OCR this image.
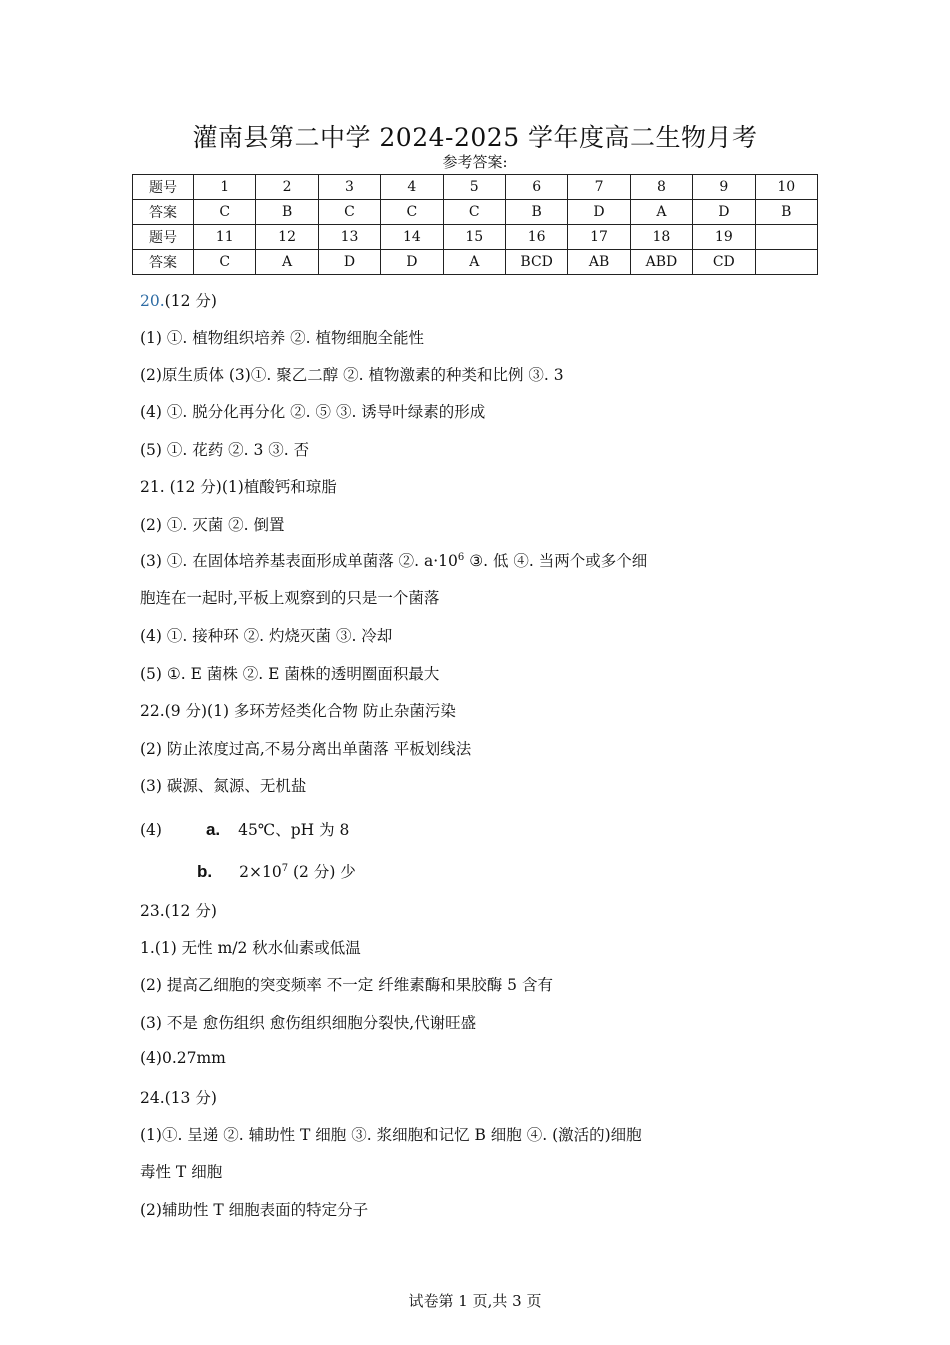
灌南县第二中学 2024-2025 学年度高二生物月考
参考答案:
题号	1	2	3	4	5	6	7	8	9	10
答案	C	B	C	C	C	B	D	A	D	B
题号	11	12	13	14	15	16	17	18	19	
答案	C	A	D	D	A	BCD	AB	ABD	CD	
20.(12 分)
(1) ①. 植物组织培养 ②. 植物细胞全能性
(2)原生质体 (3)①. 聚乙二醇 ②. 植物激素的种类和比例 ③. 3
(4) ①. 脱分化再分化 ②. ⑤ ③. 诱导叶绿素的形成
(5) ①. 花药 ②. 3 ③. 否
21. (12 分)(1)植酸钙和琼脂
(2) ①. 灭菌 ②. 倒置
(3) ①. 在固体培养基表面形成单菌落 ②. $a\cdot 10^6$ ③. 低 ④. 当两个或多个细
胞连在一起时,平板上观察到的只是一个菌落
(4) ①. 接种环 ②. 灼烧灭菌 ③. 冷却
(5) ①. E 菌株 ②. E 菌株的透明圈面积最大
22.(9 分)(1) 多环芳烃类化合物 防止杂菌污染
(2) 防止浓度过高,不易分离出单菌落 平板划线法
(3) 碳源、氮源、无机盐
(4)	a. 45℃、pH 为 8
b. $2\times 10^7$ (2 分) 少
23.(12 分)
1.(1) 无性 m/2 秋水仙素或低温
(2) 提高乙细胞的突变频率 不一定 纤维素酶和果胶酶 5 含有
(3) 不是 愈伤组织 愈伤组织细胞分裂快,代谢旺盛
(4)0.27mm
24.(13 分)
(1)①. 呈递 ②. 辅助性 T 细胞 ③. 浆细胞和记忆 B 细胞 ④. (激活的)细胞
毒性 T 细胞
(2)辅助性 T 细胞表面的特定分子
试卷第 1 页,共 3 页
